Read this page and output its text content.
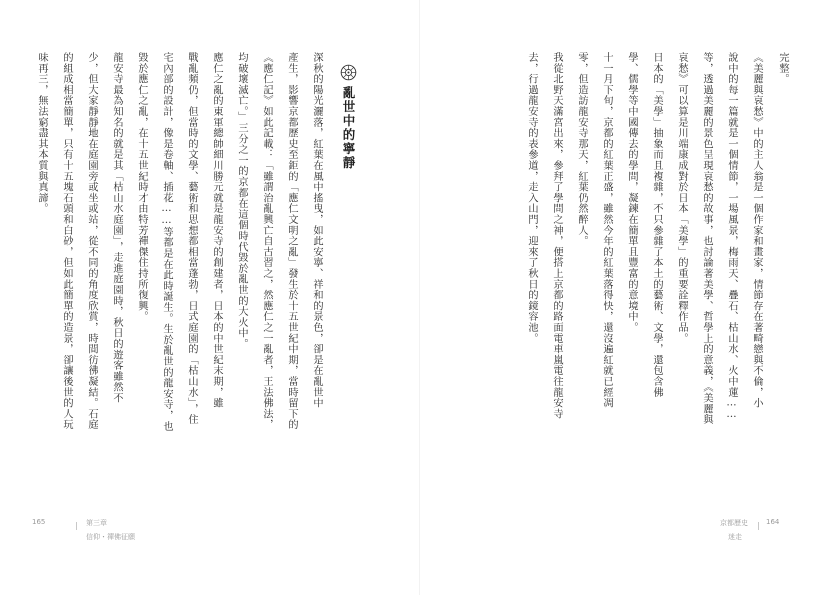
亂世中的寧靜
深秋的陽光灑落，紅葉在風中搖曳，如此安寧、祥和的景色，卻是在亂世中
產生，影響京都歷史至鉅的「應仁文明之亂」發生於十五世紀中期，當時留下的
《應仁記》如此記載：「雖謂治亂興亡自古習之，然應仁之一亂者，王法佛法，
均破壞滅亡。」三分之一的京都在這個時代毀於亂世的大火中。
應仁之亂的東軍總帥細川勝元就是龍安寺的創建者，日本的中世紀末期，雖
戰亂頻仍，但當時的文學、藝術和思想都相當蓬勃，日式庭園的「枯山水」，住
宅內部的設計，像是卷軸、插花……等都是在此時誕生。生於亂世的龍安寺，也
毀於應仁之亂，在十五世紀時才由特芳禪傑住持所復興。
龍安寺最為知名的就是其「枯山水庭園」，走進庭園時，秋日的遊客雖然不
少，但大家靜靜地在庭園旁或坐或站，從不同的角度欣賞，時間彷彿凝結。石庭
的組成相當簡單，只有十五塊石頭和白砂，但如此簡單的造景，卻讓後世的人玩
味再三，無法窮盡其本質與真諦。
165	第三章
信仰・禪佛征願
完整。
《美麗與哀愁》中的主人翁是一個作家和畫家，情節存在著畸戀與不倫，小
說中的每一篇就是一個情節，一場風景，梅雨天、疊石、枯山水、火中蓮……
等，透過美麗的景色呈現哀愁的故事，也討論著美學、哲學上的意義，《美麗與
哀愁》可以算是川端康成對於日本「美學」的重要詮釋作品。
日本的「美學」抽象而且複雜，不只參雜了本土的藝術、文學，還包含佛
學、儒學等中國傳去的學問，凝鍊在簡單且豐富的意境中。
十一月下旬，京都的紅葉正盛，雖然今年的紅葉落得快，還沒遍紅就已經凋
零，但造訪龍安寺那天，紅葉仍然醉人。
我從北野天滿宮出來，參拜了學問之神，便搭上京都的路面電車嵐電往龍安寺
去，行過龍安寺的表參道，走入山門，迎來了秋日的鏡容池。
京都歷史
迷走
164
